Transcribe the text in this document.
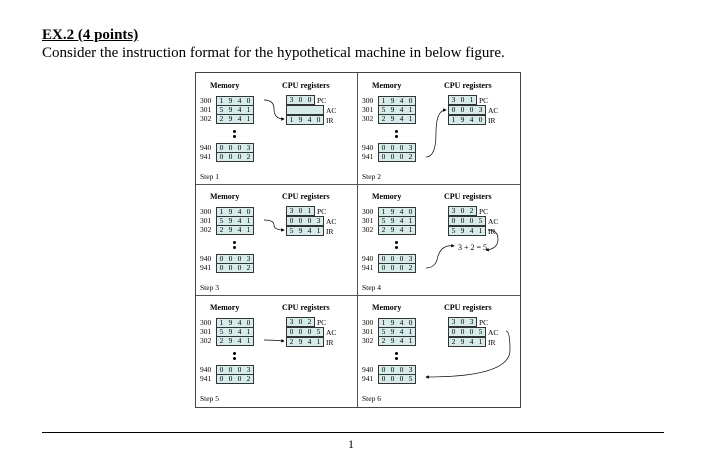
EX.2 (4 points)
Consider the instruction format for the hypothetical machine in below figure.
Memory	CPU registers
300	1 9 4 0
301	5 9 4 1
302	2 9 4 1
940	0 0 0 3
941	0 0 0 2
3 0 0 PC
AC
1 9 4 0 IR
Step 1
Memory	CPU registers
300	1 9 4 0
301	5 9 4 1
302	2 9 4 1
940	0 0 0 3
941	0 0 0 2
3 0 1 PC
0 0 0 3 AC
1 9 4 0 IR
Step 2
Memory	CPU registers
300	1 9 4 0
301	5 9 4 1
302	2 9 4 1
940	0 0 0 3
941	0 0 0 2
3 0 1 PC
0 0 0 3 AC
5 9 4 1 IR
Step 3
Memory	CPU registers
300	1 9 4 0
301	5 9 4 1
302	2 9 4 1
940	0 0 0 3
941	0 0 0 2
3 0 2 PC
0 0 0 5 AC
5 9 4 1 IR
Step 4
3 + 2 = 5
Memory	CPU registers
300	1 9 4 0
301	5 9 4 1
302	2 9 4 1
940	0 0 0 3
941	0 0 0 2
3 0 2 PC
0 0 0 5 AC
2 9 4 1 IR
Step 5
Memory	CPU registers
300	1 9 4 0
301	5 9 4 1
302	2 9 4 1
940	0 0 0 3
941	0 0 0 5
3 0 3 PC
0 0 0 5 AC
2 9 4 1 IR
Step 6
1
